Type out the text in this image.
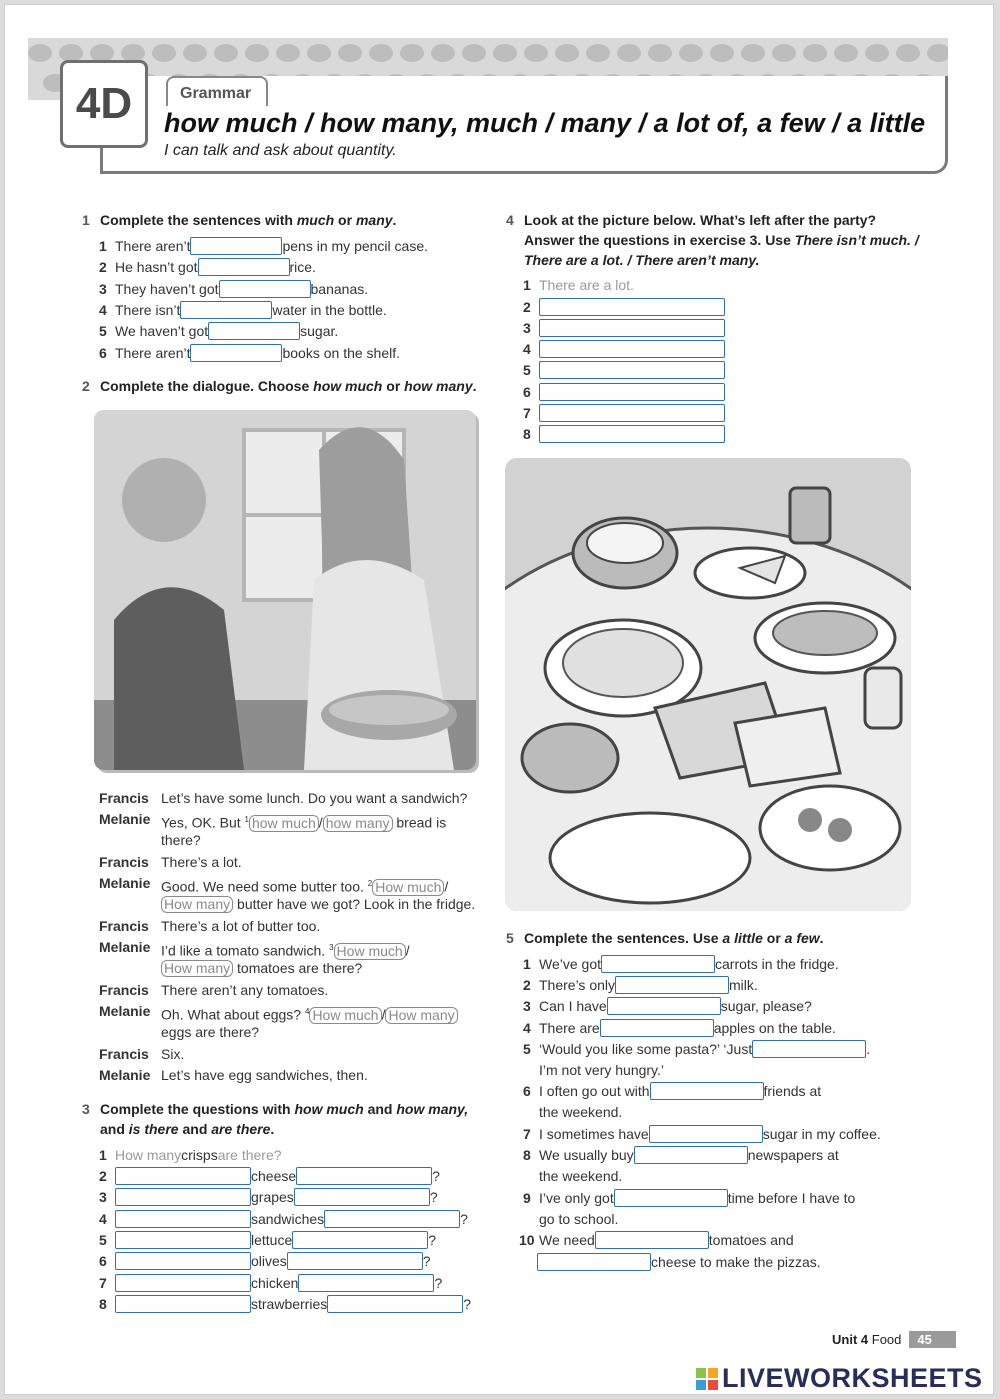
4D	Grammar
how much / how many, much / many / a lot of, a few / a little
I can talk and ask about quantity.
1 Complete the sentences with much or many.
1 There aren’t	pens in my pencil case.
2 He hasn’t got	rice.
3 They haven’t got	bananas.
4 There isn’t	water in the bottle.
5 We haven’t got	sugar.
6 There aren’t	books on the shelf.
2 Complete the dialogue. Choose how much or how many.
Francis Let’s have some lunch. Do you want a sandwich?
Melanie Yes, OK. But $^1$ how much / how many bread is
there?
Francis There’s a lot.
Melanie Good. We need some butter too. $^2$ How much /
How many butter have we got? Look in the fridge.
Francis There’s a lot of butter too.
Melanie I’d like a tomato sandwich. $^3$ How much /
How many tomatoes are there?
Francis There aren’t any tomatoes.
Melanie Oh. What about eggs? $^4$ How much / How many
eggs are there?
Francis Six.
Melanie Let’s have egg sandwiches, then.
3 Complete the questions with how much and how many,
and is there and are there.
1 How many crisps are there ?
2	cheese	?
3	grapes	?
4	sandwiches	?
5	lettuce	?
6	olives	?
7	chicken	?
8	strawberries	?
4 Look at the picture below. What’s left after the party?
Answer the questions in exercise 3. Use There isn’t much. /
There are a lot. / There aren’t many.
1 There are a lot.
2
3
4
5
6
7
8
5 Complete the sentences. Use a little or a few.
1 We’ve got	carrots in the fridge.
2 There’s only	milk.
3 Can I have	sugar, please?
4 There are	apples on the table.
5 ‘Would you like some pasta?’ ‘Just	.
I’m not very hungry.’
6 I often go out with	friends at
the weekend.
7 I sometimes have	sugar in my coffee.
8 We usually buy	newspapers at
the weekend.
9 I’ve only got	time before I have to
go to school.
10 We need	tomatoes and
cheese to make the pizzas.
Unit 4
Food	45
LIVEWORKSHEETS
